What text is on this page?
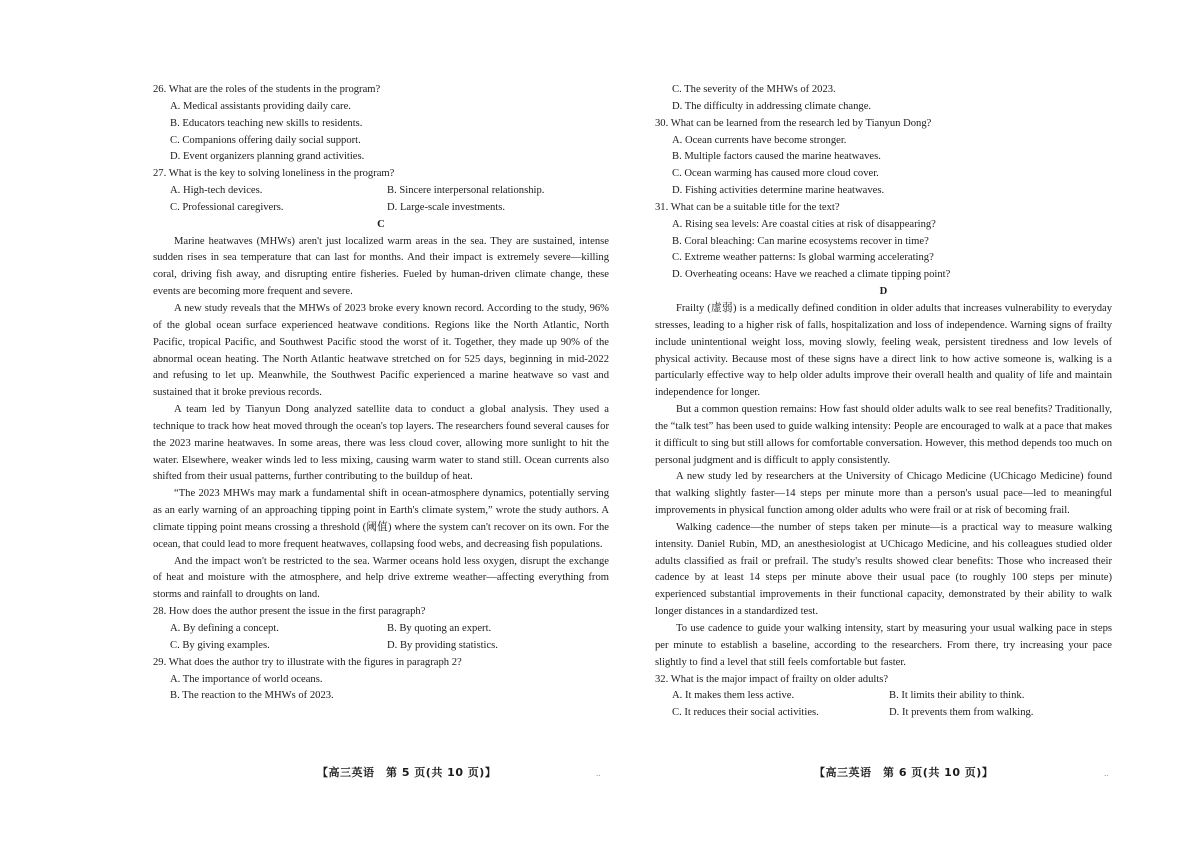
26. What are the roles of the students in the program?

A. Medical assistants providing daily care.

B. Educators teaching new skills to residents.

C. Companions offering daily social support.

D. Event organizers planning grand activities.

27. What is the key to solving loneliness in the program?

A. High-tech devices.	B. Sincere interpersonal relationship.
C. Professional caregivers.	D. Large-scale investments.

C

Marine heatwaves (MHWs) aren't just localized warm areas in the sea. They are sustained, intense sudden rises in sea temperature that can last for months. And their impact is extremely severe—killing coral, driving fish away, and disrupting entire fisheries. Fueled by human-driven climate change, these events are becoming more frequent and severe.

A new study reveals that the MHWs of 2023 broke every known record. According to the study, 96% of the global ocean surface experienced heatwave conditions. Regions like the North Atlantic, North Pacific, tropical Pacific, and Southwest Pacific stood the worst of it. Together, they made up 90% of the abnormal ocean heating. The North Atlantic heatwave stretched on for 525 days, beginning in mid-2022 and refusing to let up. Meanwhile, the Southwest Pacific experienced a marine heatwave so vast and sustained that it broke previous records.

A team led by Tianyun Dong analyzed satellite data to conduct a global analysis. They used a technique to track how heat moved through the ocean's top layers. The researchers found several causes for the 2023 marine heatwaves. In some areas, there was less cloud cover, allowing more sunlight to hit the water. Elsewhere, weaker winds led to less mixing, causing warm water to stand still. Ocean currents also shifted from their usual patterns, further contributing to the buildup of heat.

“The 2023 MHWs may mark a fundamental shift in ocean-atmosphere dynamics, potentially serving as an early warning of an approaching tipping point in Earth's climate system,” wrote the study authors. A climate tipping point means crossing a threshold (阈值) where the system can't recover on its own. For the ocean, that could lead to more frequent heatwaves, collapsing food webs, and decreasing fish populations.

And the impact won't be restricted to the sea. Warmer oceans hold less oxygen, disrupt the exchange of heat and moisture with the atmosphere, and help drive extreme weather—affecting everything from storms and rainfall to droughts on land.

28. How does the author present the issue in the first paragraph?

A. By defining a concept.	B. By quoting an expert.
C. By giving examples.	D. By providing statistics.

29. What does the author try to illustrate with the figures in paragraph 2?

A. The importance of world oceans.

B. The reaction to the MHWs of 2023.

【高三英语　第 5 页(共 10 页)】	..

C. The severity of the MHWs of 2023.

D. The difficulty in addressing climate change.

30. What can be learned from the research led by Tianyun Dong?

A. Ocean currents have become stronger.

B. Multiple factors caused the marine heatwaves.

C. Ocean warming has caused more cloud cover.

D. Fishing activities determine marine heatwaves.

31. What can be a suitable title for the text?

A. Rising sea levels: Are coastal cities at risk of disappearing?

B. Coral bleaching: Can marine ecosystems recover in time?

C. Extreme weather patterns: Is global warming accelerating?

D. Overheating oceans: Have we reached a climate tipping point?

D

Frailty (虚弱) is a medically defined condition in older adults that increases vulnerability to everyday stresses, leading to a higher risk of falls, hospitalization and loss of independence. Warning signs of frailty include unintentional weight loss, moving slowly, feeling weak, persistent tiredness and low levels of physical activity. Because most of these signs have a direct link to how active someone is, walking is a particularly effective way to help older adults improve their overall health and quality of life and maintain independence for longer.

But a common question remains: How fast should older adults walk to see real benefits? Traditionally, the “talk test” has been used to guide walking intensity: People are encouraged to walk at a pace that makes it difficult to sing but still allows for comfortable conversation. However, this method depends too much on personal judgment and is difficult to apply consistently.

A new study led by researchers at the University of Chicago Medicine (UChicago Medicine) found that walking slightly faster—14 steps per minute more than a person's usual pace—led to meaningful improvements in physical function among older adults who were frail or at risk of becoming frail.

Walking cadence—the number of steps taken per minute—is a practical way to measure walking intensity. Daniel Rubin, MD, an anesthesiologist at UChicago Medicine, and his colleagues studied older adults classified as frail or prefrail. The study's results showed clear benefits: Those who increased their cadence by at least 14 steps per minute above their usual pace (to roughly 100 steps per minute) experienced substantial improvements in their functional capacity, demonstrated by their ability to walk longer distances in a standardized test.

To use cadence to guide your walking intensity, start by measuring your usual walking pace in steps per minute to establish a baseline, according to the researchers. From there, try increasing your pace slightly to find a level that still feels comfortable but faster.

32. What is the major impact of frailty on older adults?

A. It makes them less active.	B. It limits their ability to think.
C. It reduces their social activities.	D. It prevents them from walking.
【高三英语　第 6 页(共 10 页)】	..
